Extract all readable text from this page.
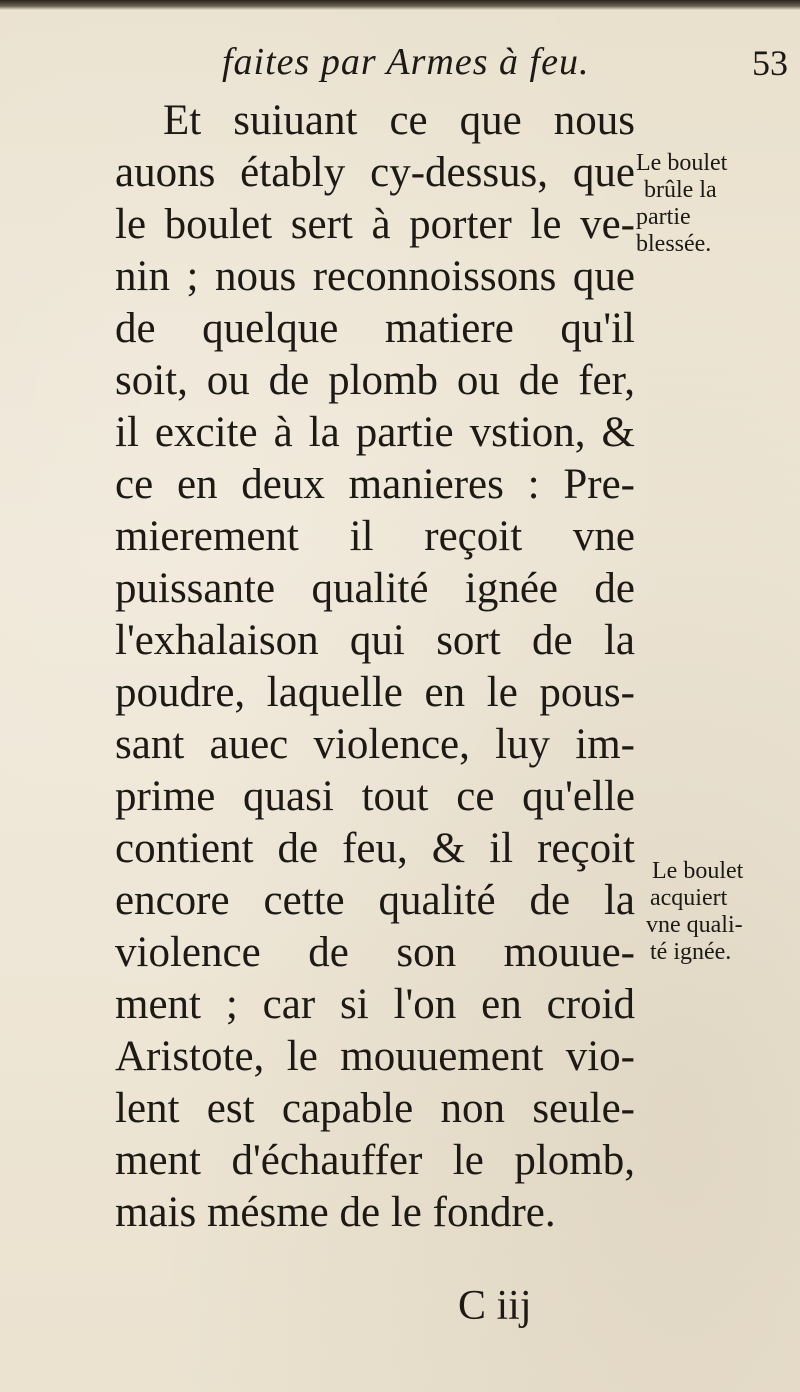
faites par Armes à feu.	53
Et suiuant ce que nous
auons étably cy-dessus, que
le boulet sert à porter le ve-
nin ; nous reconnoissons que
de quelque matiere qu'il
soit, ou de plomb ou de fer,
il excite à la partie vstion, &
ce en deux manieres : Pre-
mierement il reçoit vne
puissante qualité ignée de
l'exhalaison qui sort de la
poudre, laquelle en le pous-
sant auec violence, luy im-
prime quasi tout ce qu'elle
contient de feu, & il reçoit
encore cette qualité de la
violence de son mouue-
ment ; car si l'on en croid
Aristote, le mouuement vio-
lent est capable non seule-
ment d'échauffer le plomb,
mais mésme de le fondre.
Le boulet
brûle la
partie
blessée.
Le boulet
acquiert
vne quali-
té ignée.
C iij
